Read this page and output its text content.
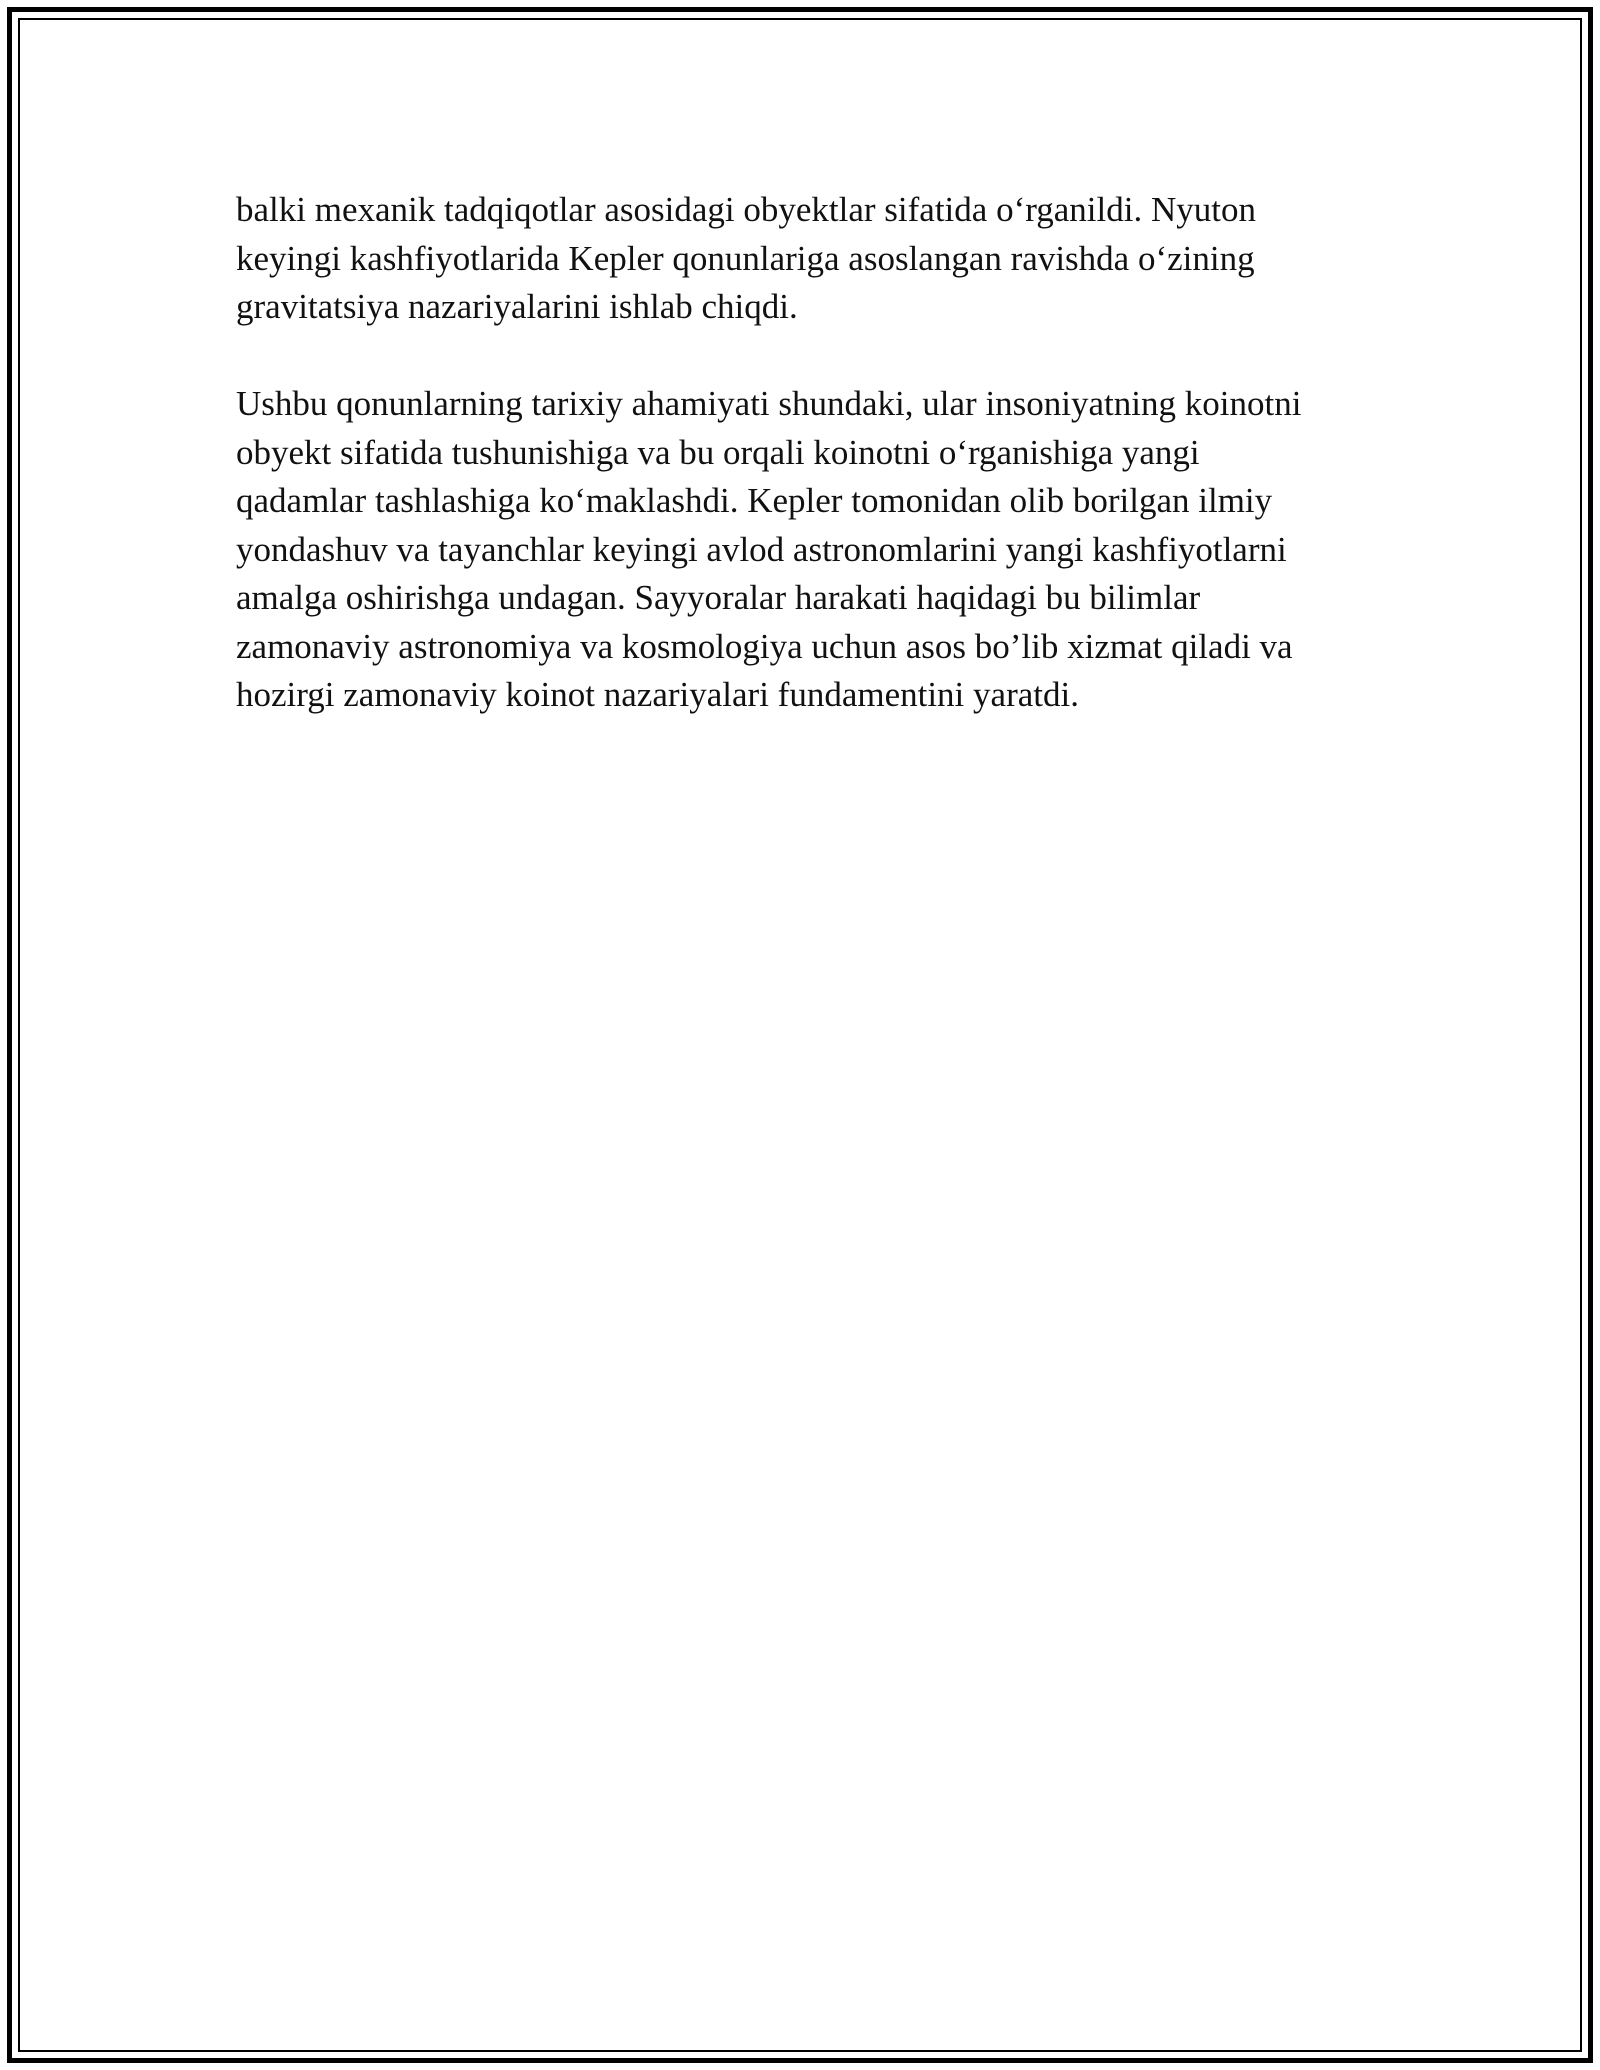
balki mexanik tadqiqotlar asosidagi obyektlar sifatida o‘rganildi. Nyuton
keyingi kashfiyotlarida Kepler qonunlariga asoslangan ravishda o‘zining
gravitatsiya nazariyalarini ishlab chiqdi.

Ushbu qonunlarning tarixiy ahamiyati shundaki, ular insoniyatning koinotni
obyekt sifatida tushunishiga va bu orqali koinotni o‘rganishiga yangi
qadamlar tashlashiga ko‘maklashdi. Kepler tomonidan olib borilgan ilmiy
yondashuv va tayanchlar keyingi avlod astronomlarini yangi kashfiyotlarni
amalga oshirishga undagan. Sayyoralar harakati haqidagi bu bilimlar
zamonaviy astronomiya va kosmologiya uchun asos bo’lib xizmat qiladi va
hozirgi zamonaviy koinot nazariyalari fundamentini yaratdi.
